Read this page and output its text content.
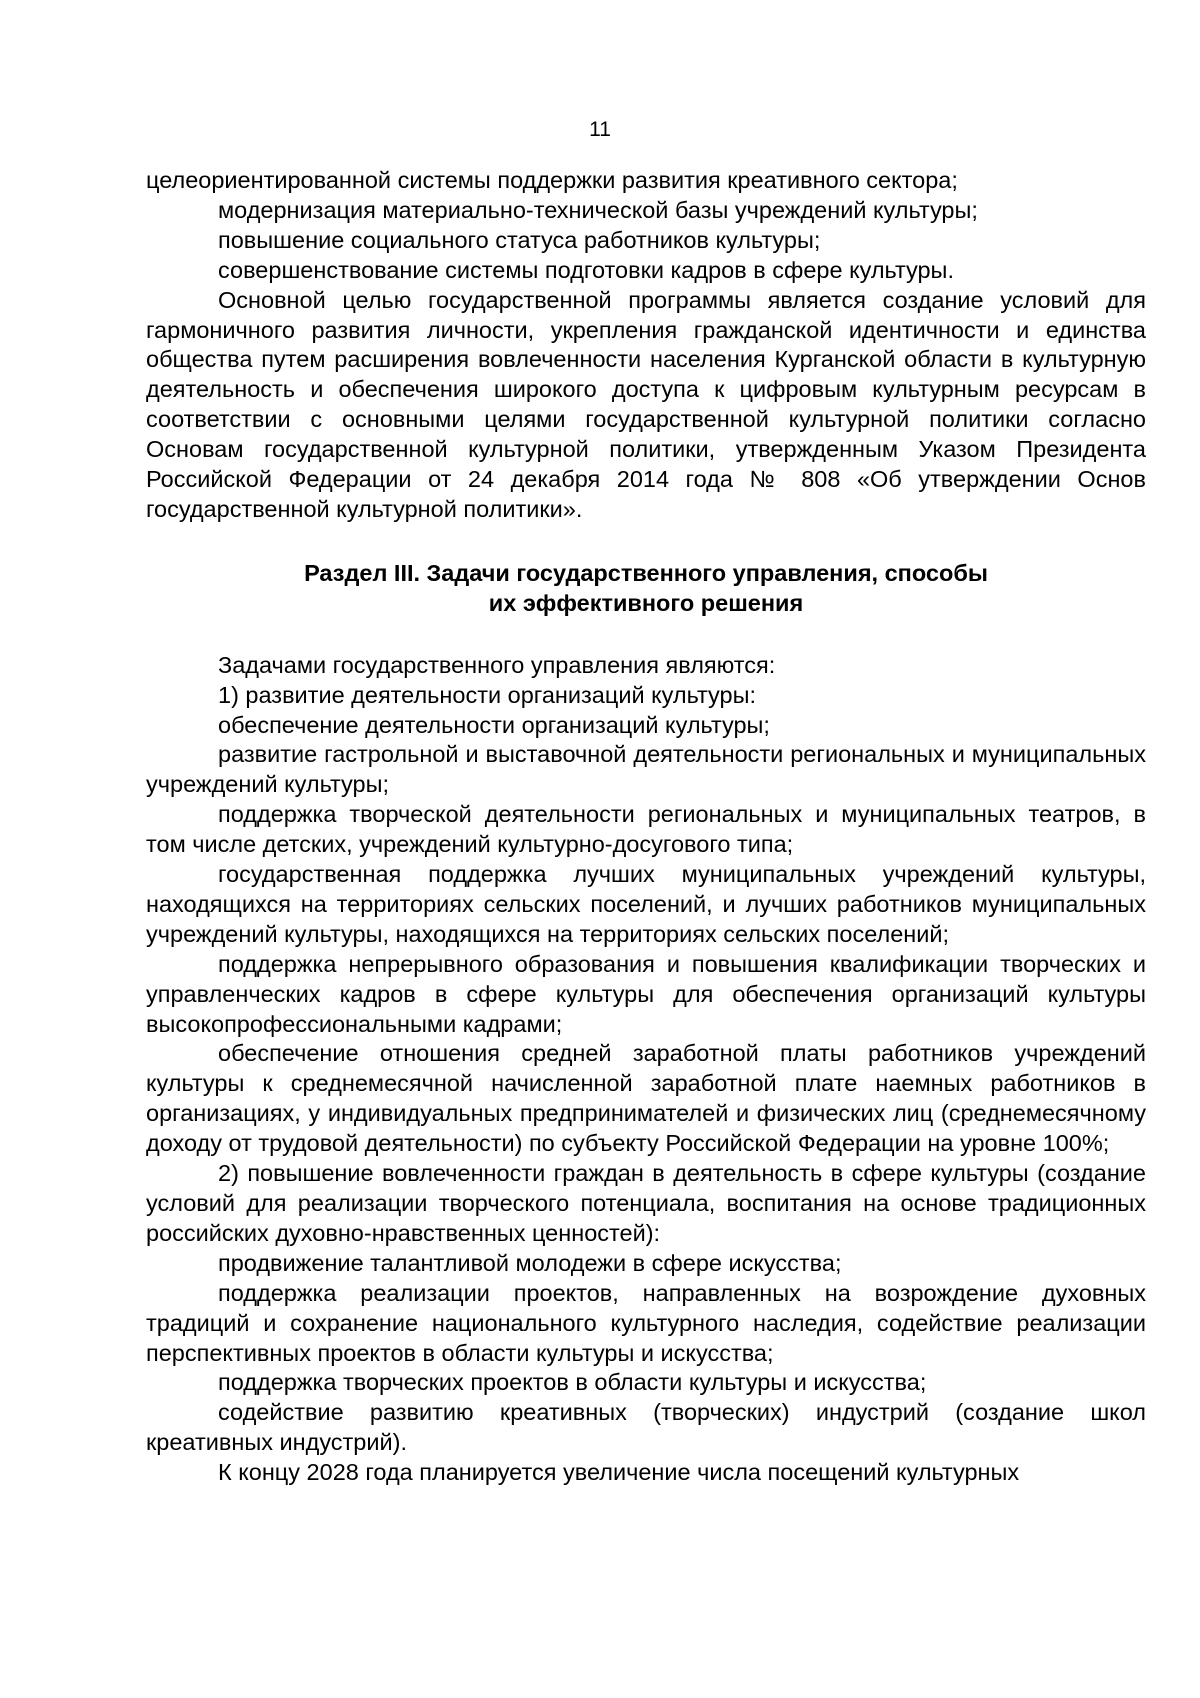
11

целеориентированной системы поддержки развития креативного сектора;

модернизация материально-технической базы учреждений культуры;

повышение социального статуса работников культуры;

совершенствование системы подготовки кадров в сфере культуры.

Основной целью государственной программы является создание условий для гармоничного развития личности, укрепления гражданской идентичности и единства общества путем расширения вовлеченности населения Курганской области в культурную деятельность и обеспечения широкого доступа к цифровым культурным ресурсам в соответствии с основными целями государственной культурной политики согласно Основам государственной культурной политики, утвержденным Указом Президента Российской Федерации от 24 декабря 2014 года № 808 «Об утверждении Основ государственной культурной политики».

Раздел III. Задачи государственного управления, способы
их эффективного решения

Задачами государственного управления являются:

1) развитие деятельности организаций культуры:

обеспечение деятельности организаций культуры;

развитие гастрольной и выставочной деятельности региональных и муниципальных учреждений культуры;

поддержка творческой деятельности региональных и муниципальных театров, в том числе детских, учреждений культурно-досугового типа;

государственная поддержка лучших муниципальных учреждений культуры, находящихся на территориях сельских поселений, и лучших работников муниципальных учреждений культуры, находящихся на территориях сельских поселений;

поддержка непрерывного образования и повышения квалификации творческих и управленческих кадров в сфере культуры для обеспечения организаций культуры высокопрофессиональными кадрами;

обеспечение отношения средней заработной платы работников учреждений культуры к среднемесячной начисленной заработной плате наемных работников в организациях, у индивидуальных предпринимателей и физических лиц (среднемесячному доходу от трудовой деятельности) по субъекту Российской Федерации на уровне 100%;

2) повышение вовлеченности граждан в деятельность в сфере культуры (создание условий для реализации творческого потенциала, воспитания на основе традиционных российских духовно-нравственных ценностей):

продвижение талантливой молодежи в сфере искусства;

поддержка реализации проектов, направленных на возрождение духовных традиций и сохранение национального культурного наследия, содействие реализации перспективных проектов в области культуры и искусства;

поддержка творческих проектов в области культуры и искусства;

содействие развитию креативных (творческих) индустрий (создание школ креативных индустрий).

К концу 2028 года планируется увеличение числа посещений культурных
